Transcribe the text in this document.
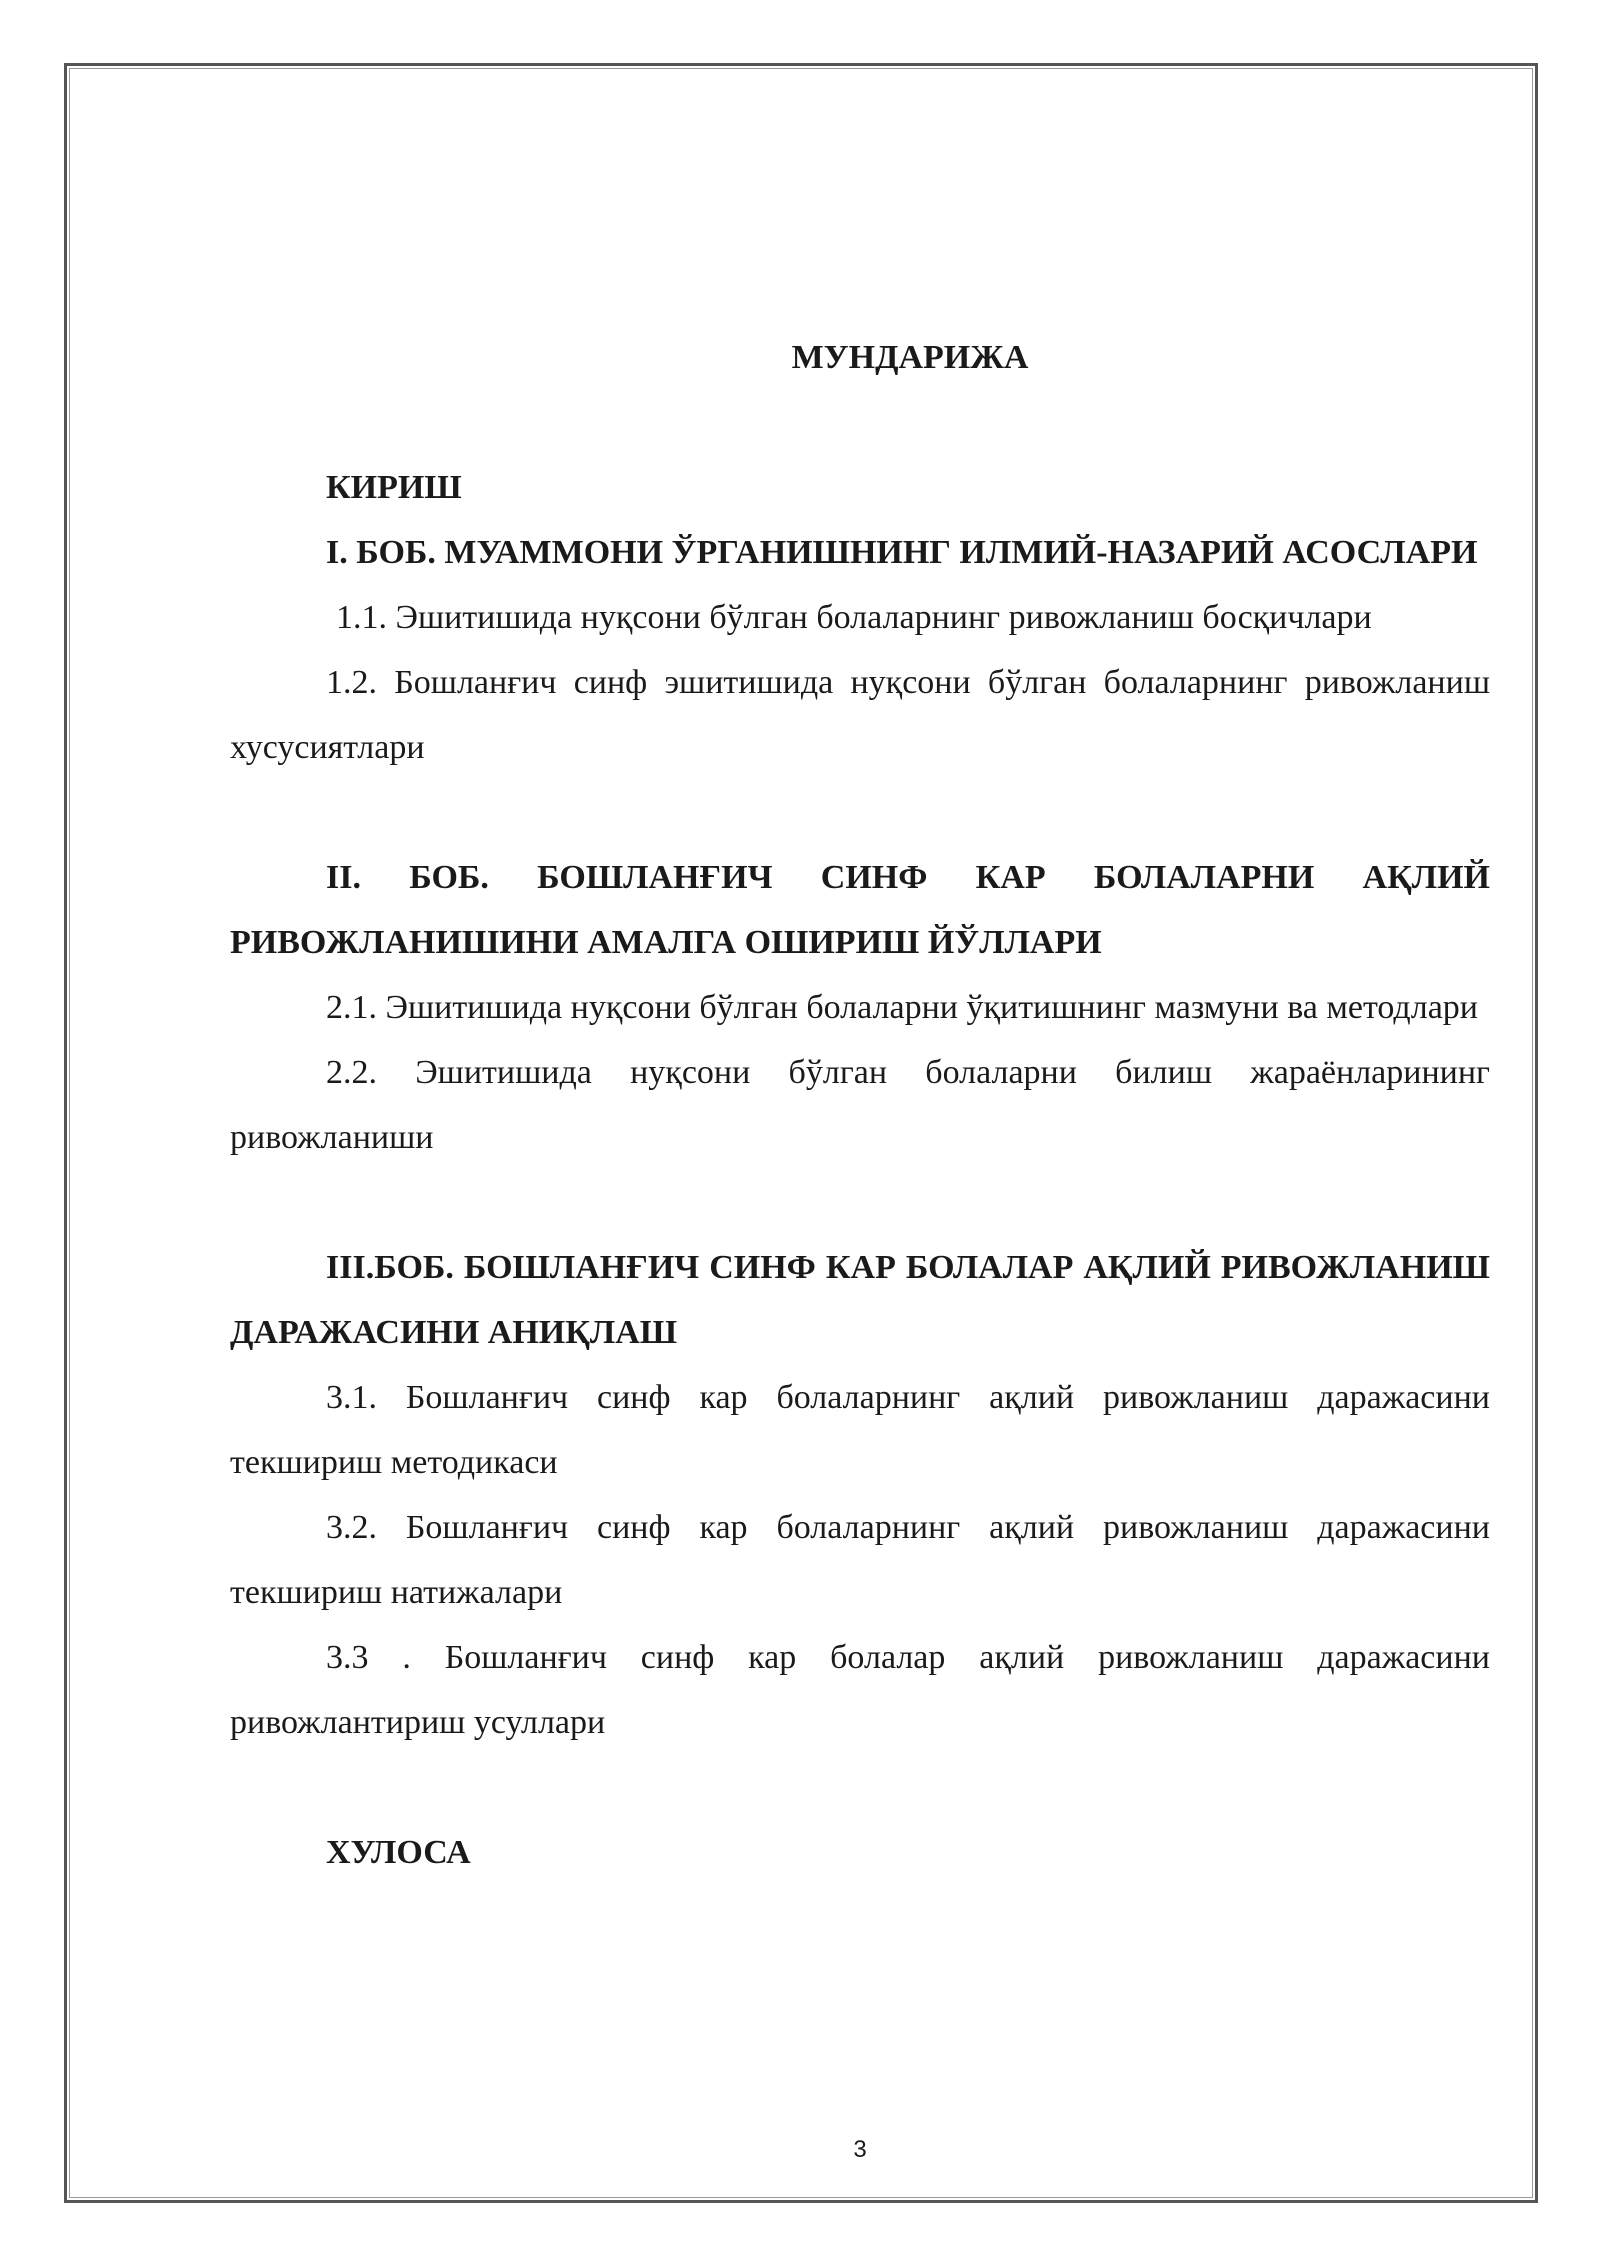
МУНДАРИЖА

КИРИШ

I. БОБ. МУАММОНИ ЎРГАНИШНИНГ ИЛМИЙ-НАЗАРИЙ АСОСЛАРИ

1.1. Эшитишида нуқсони бўлган болаларнинг ривожланиш босқичлари

1.2. Бошланғич синф эшитишида нуқсони бўлган болаларнинг ривожланиш хусусиятлари

II. БОБ. БОШЛАНҒИЧ СИНФ КАР БОЛАЛАРНИ АҚЛИЙ РИВОЖЛАНИШИНИ АМАЛГА ОШИРИШ ЙЎЛЛАРИ

2.1. Эшитишида нуқсони бўлган болаларни ўқитишнинг мазмуни ва методлари

2.2. Эшитишида нуқсони бўлган болаларни билиш жараёнларининг ривожланиши

III.БОБ. БОШЛАНҒИЧ СИНФ КАР БОЛАЛАР АҚЛИЙ РИВОЖЛАНИШ ДАРАЖАСИНИ АНИҚЛАШ

3.1. Бошланғич синф кар болаларнинг ақлий ривожланиш даражасини текшириш методикаси

3.2. Бошланғич синф кар болаларнинг ақлий ривожланиш даражасини текшириш натижалари

3.3 . Бошланғич синф кар болалар ақлий ривожланиш даражасини ривожлантириш усуллари

ХУЛОСА

3
